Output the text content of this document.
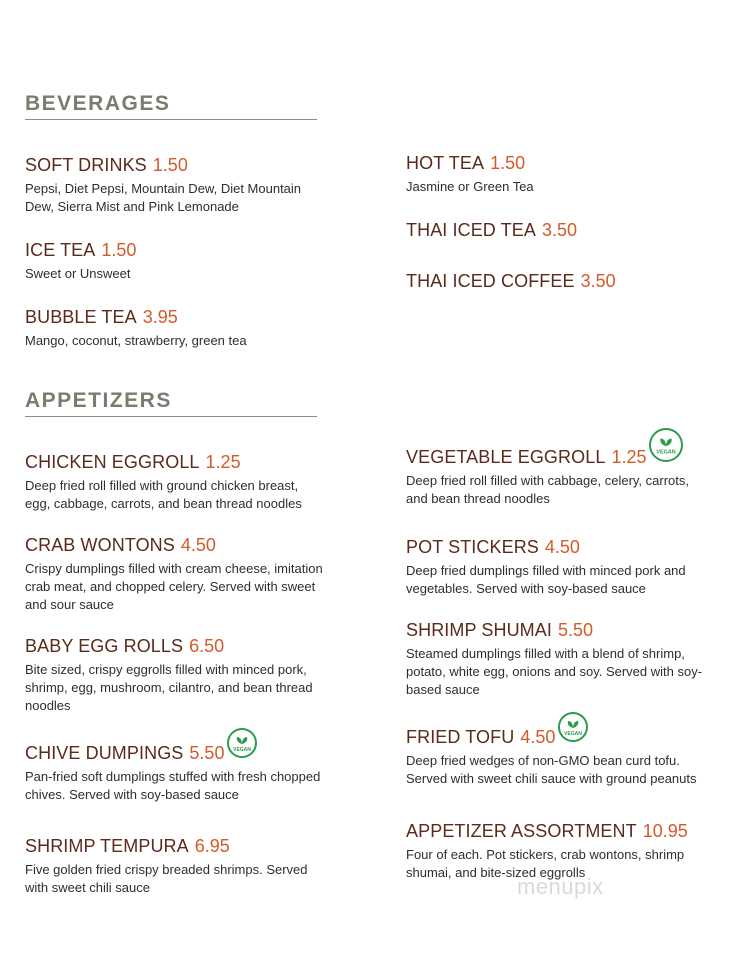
BEVERAGES
SOFT DRINKS 1.50
Pepsi, Diet Pepsi, Mountain Dew, Diet Mountain Dew, Sierra Mist and Pink Lemonade
ICE TEA 1.50
Sweet or Unsweet
BUBBLE TEA 3.95
Mango, coconut, strawberry, green tea
HOT TEA 1.50
Jasmine or Green Tea
THAI ICED TEA 3.50
THAI ICED COFFEE 3.50
APPETIZERS
CHICKEN EGGROLL 1.25
Deep fried roll filled with ground chicken breast, egg, cabbage, carrots, and bean thread noodles
CRAB WONTONS 4.50
Crispy dumplings filled with cream cheese, imitation crab meat, and chopped celery. Served with sweet and sour sauce
BABY EGG ROLLS 6.50
Bite sized, crispy eggrolls filled with minced pork, shrimp, egg, mushroom, cilantro, and bean thread noodles
CHIVE DUMPINGS 5.50 VEGAN
Pan-fried soft dumplings stuffed with fresh chopped chives. Served with soy-based sauce
SHRIMP TEMPURA 6.95
Five golden fried crispy breaded shrimps. Served with sweet chili sauce
VEGETABLE EGGROLL 1.25 VEGAN
Deep fried roll filled with cabbage, celery, carrots, and bean thread noodles
POT STICKERS 4.50
Deep fried dumplings filled with minced pork and vegetables. Served with soy-based sauce
SHRIMP SHUMAI 5.50
Steamed dumplings filled with a blend of shrimp, potato, white egg, onions and soy. Served with soy-based sauce
FRIED TOFU 4.50 VEGAN
Deep fried wedges of non-GMO bean curd tofu. Served with sweet chili sauce with ground peanuts
APPETIZER ASSORTMENT 10.95
Four of each. Pot stickers, crab wontons, shrimp shumai, and bite-sized eggrolls
menupix
